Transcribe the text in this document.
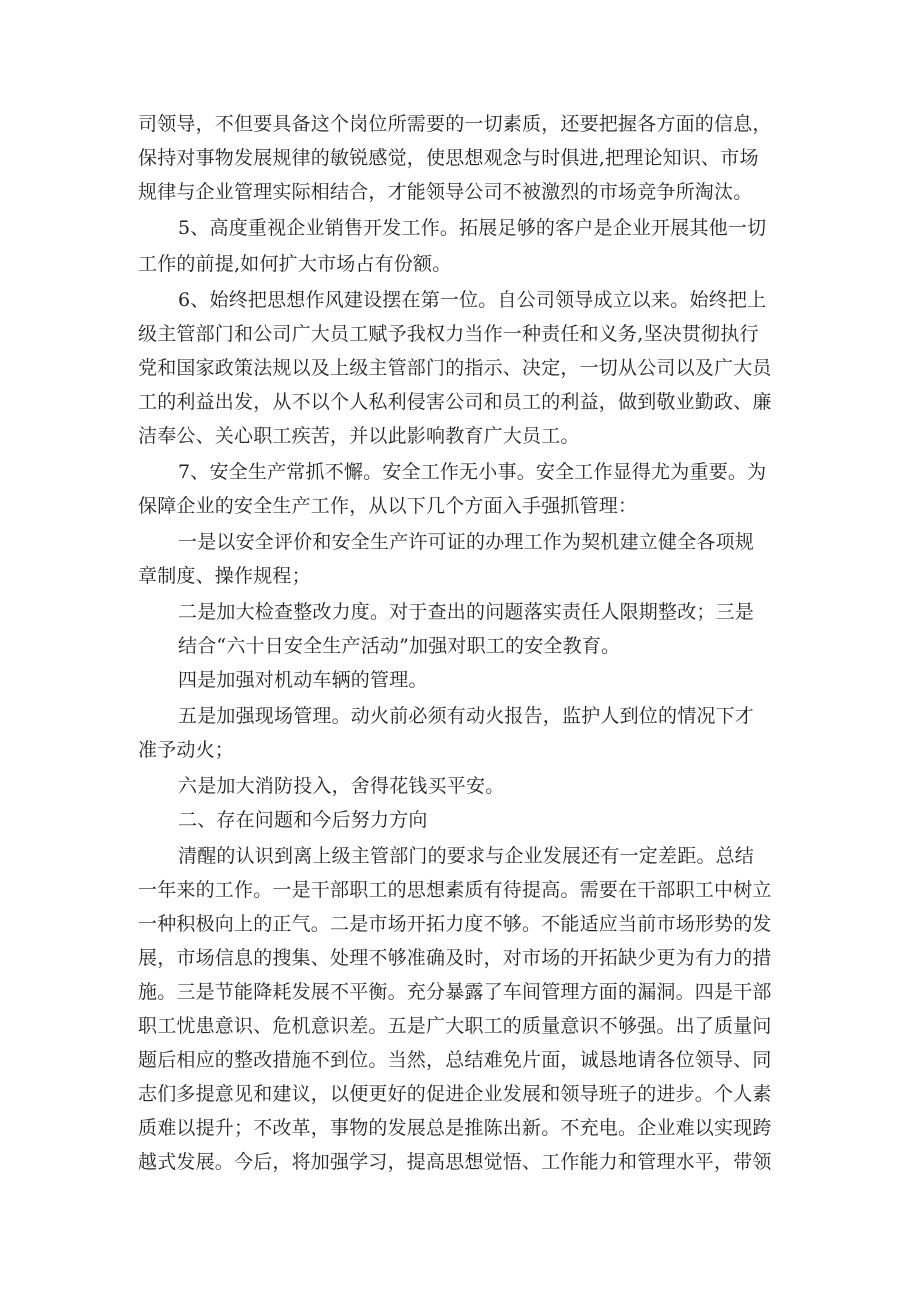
司领导，不但要具备这个岗位所需要的一切素质，还要把握各方面的信息，
保持对事物发展规律的敏锐感觉，使思想观念与时俱进,把理论知识、市场
规律与企业管理实际相结合，才能领导公司不被激烈的市场竞争所淘汰。
5、高度重视企业销售开发工作。拓展足够的客户是企业开展其他一切
工作的前提,如何扩大市场占有份额。
6、始终把思想作风建设摆在第一位。自公司领导成立以来。始终把上
级主管部门和公司广大员工赋予我权力当作一种责任和义务,坚决贯彻执行
党和国家政策法规以及上级主管部门的指示、决定，一切从公司以及广大员
工的利益出发，从不以个人私利侵害公司和员工的利益，做到敬业勤政、廉
洁奉公、关心职工疾苦，并以此影响教育广大员工。
7、安全生产常抓不懈。安全工作无小事。安全工作显得尤为重要。为
保障企业的安全生产工作，从以下几个方面入手强抓管理：
一是以安全评价和安全生产许可证的办理工作为契机建立健全各项规
章制度、操作规程；
二是加大检查整改力度。对于查出的问题落实责任人限期整改；三是
结合“六十日安全生产活动”加强对职工的安全教育。
四是加强对机动车辆的管理。
五是加强现场管理。动火前必须有动火报告，监护人到位的情况下才
准予动火；
六是加大消防投入，舍得花钱买平安。
二、存在问题和今后努力方向
清醒的认识到离上级主管部门的要求与企业发展还有一定差距。总结
一年来的工作。一是干部职工的思想素质有待提高。需要在干部职工中树立
一种积极向上的正气。二是市场开拓力度不够。不能适应当前市场形势的发
展，市场信息的搜集、处理不够准确及时，对市场的开拓缺少更为有力的措
施。三是节能降耗发展不平衡。充分暴露了车间管理方面的漏洞。四是干部
职工忧患意识、危机意识差。五是广大职工的质量意识不够强。出了质量问
题后相应的整改措施不到位。当然，总结难免片面，诚恳地请各位领导、同
志们多提意见和建议，以便更好的促进企业发展和领导班子的进步。个人素
质难以提升；不改革，事物的发展总是推陈出新。不充电。企业难以实现跨
越式发展。今后，将加强学习，提高思想觉悟、工作能力和管理水平，带领
